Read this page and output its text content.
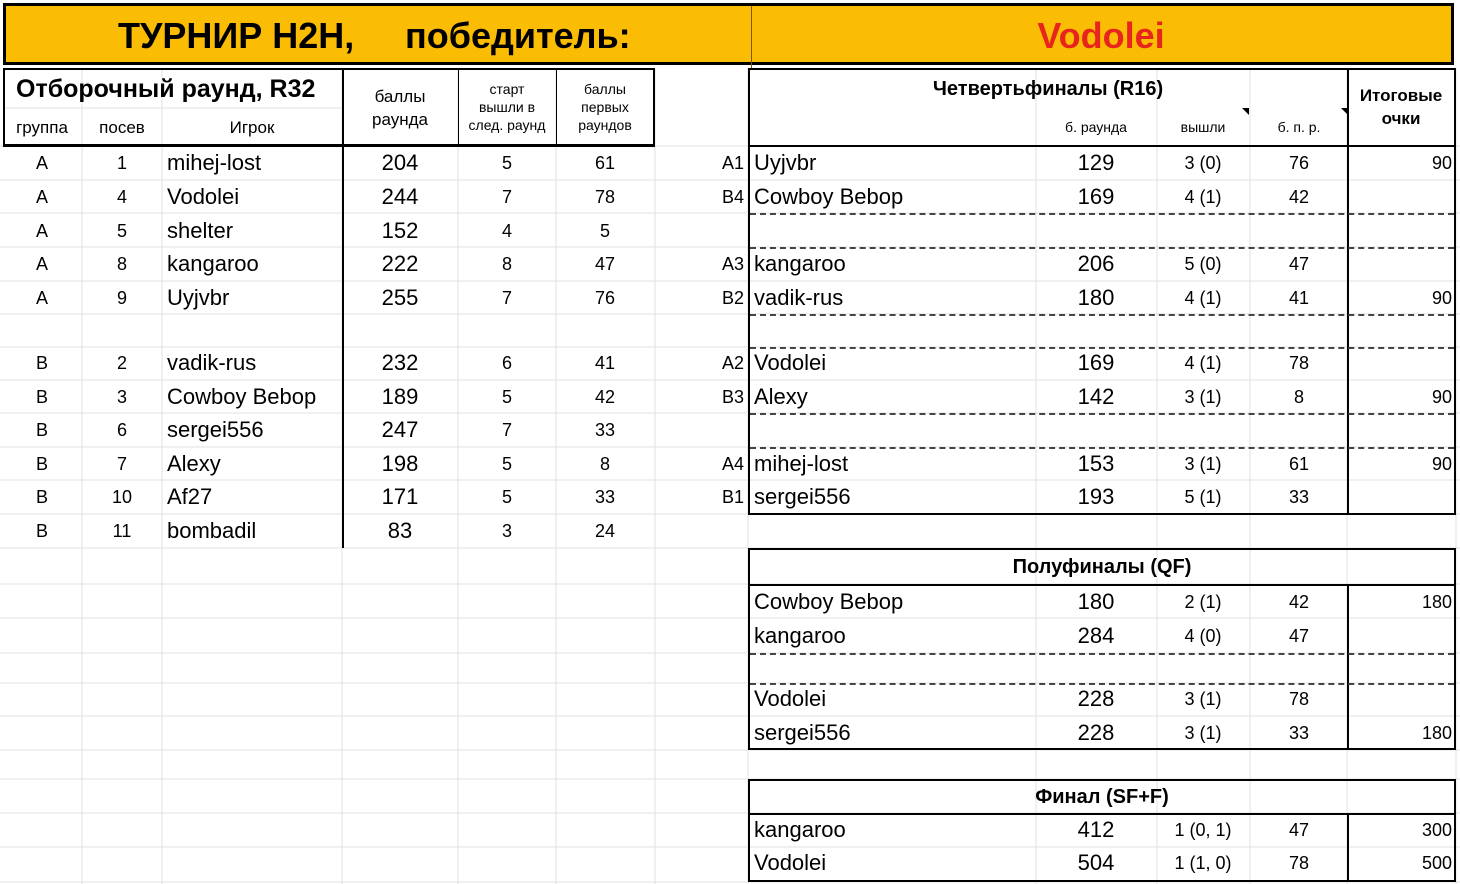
ТУРНИР H2H, победитель:	Vodolei
Отборочный раунд, R32
группа посев	Игрок
баллы
раунда
старт
вышли в
след. раунд
баллы
первых
раундов
A	1 mihej-lost	204	5	61
A	4 Vodolei	244	7	78
A	5 shelter	152	4	5
A	8 kangaroo	222	8	47
A	9 Uyjvbr	255	7	76
B	2 vadik-rus	232	6	41
B	3 Cowboy Bebop	189	5	42
B	6 sergei556	247	7	33
B	7 Alexy	198	5	8
B	10 Af27	171	5	33
B	11 bombadil	83	3	24
Четвертьфиналы (R16)
б. раунда	вышли	б. п. р.
Итоговые
очки
A1 Uyjvbr	129	3 (0)	76	90
B4 Cowboy Bebop	169	4 (1)	42
A3 kangaroo	206	5 (0)	47
B2 vadik-rus	180	4 (1)	41	90
A2 Vodolei	169	4 (1)	78
B3 Alexy	142	3 (1)	8	90
A4 mihej-lost	153	3 (1)	61	90
B1 sergei556	193	5 (1)	33
Полуфиналы (QF)
Cowboy Bebop	180	2 (1)	42	180
kangaroo	284	4 (0)	47
Vodolei	228	3 (1)	78
sergei556	228	3 (1)	33	180
Финал (SF+F)
kangaroo	412	1 (0, 1)	47	300
Vodolei	504	1 (1, 0)	78	500
